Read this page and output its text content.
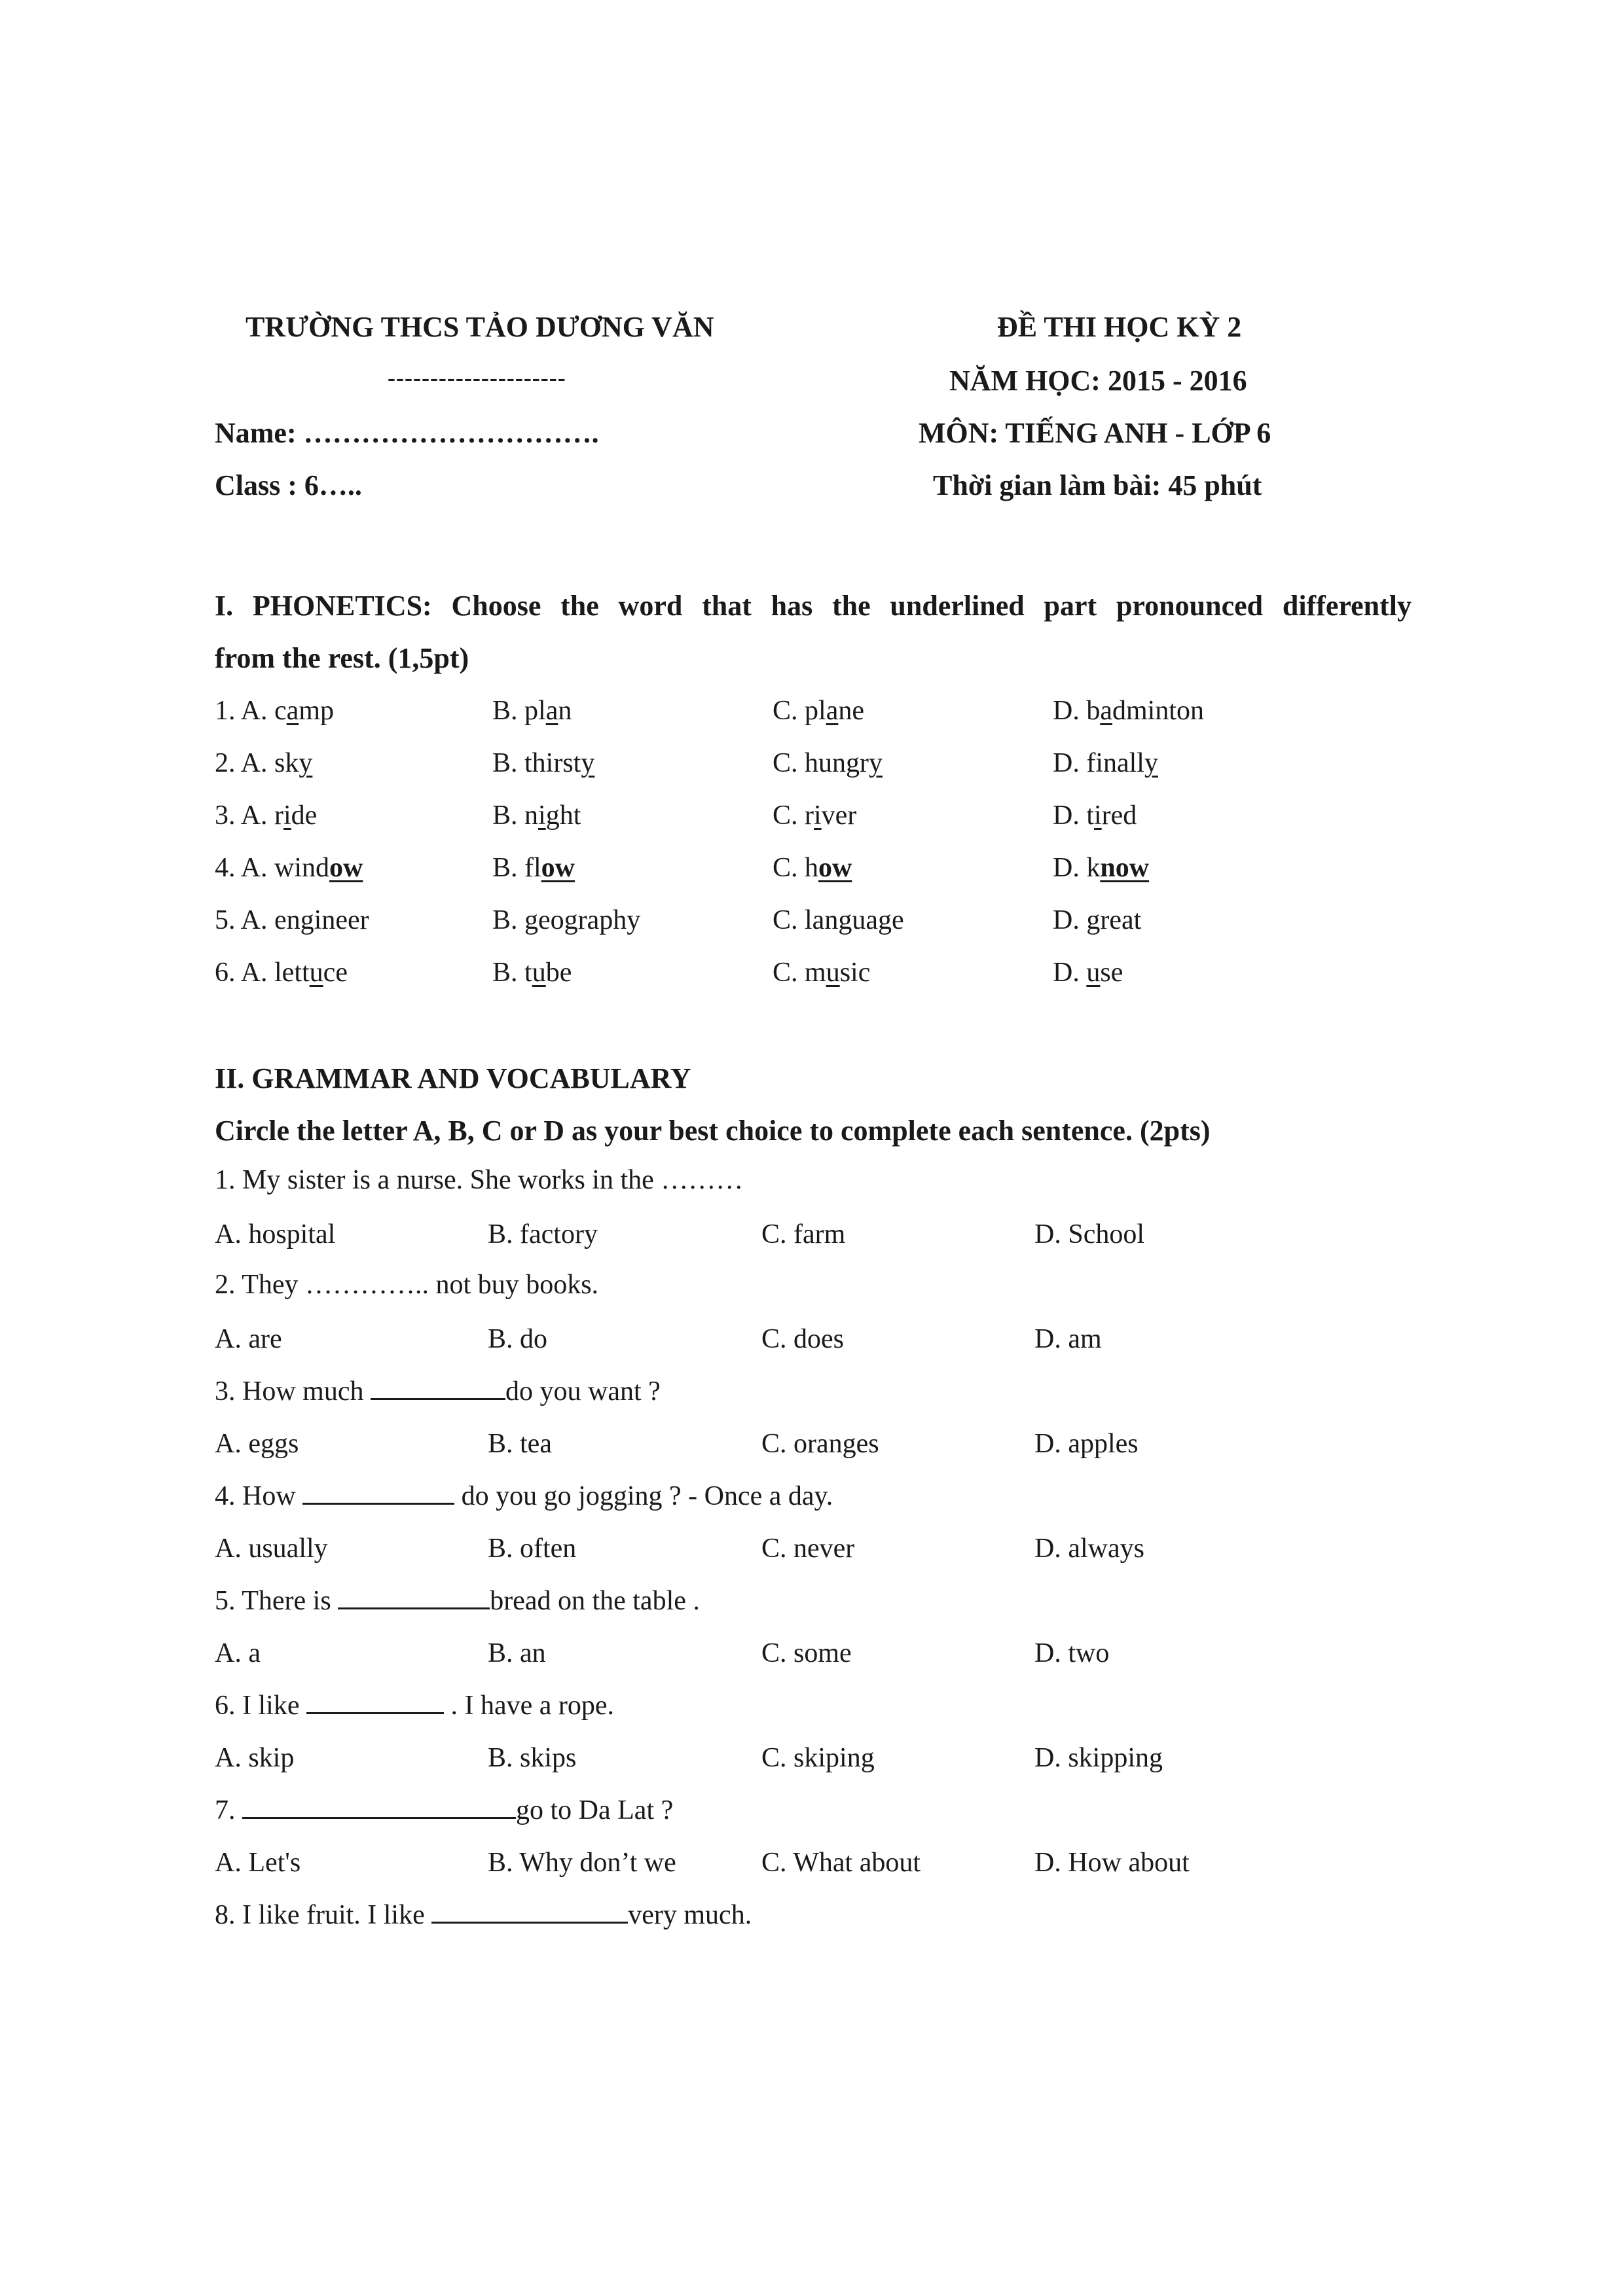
TRƯỜNG THCS TẢO DƯƠNG VĂN
---------------------
Name: ………………………….
Class : 6…..
ĐỀ THI HỌC KỲ 2
NĂM HỌC: 2015 - 2016
MÔN: TIẾNG ANH - LỚP 6
Thời gian làm bài: 45 phút
I. PHONETICS: Choose the word that has the underlined part pronounced differently
from the rest. (1,5pt)
1. A. camp	B. plan	C. plane	D. badminton
2. A. sky	B. thirsty	C. hungry	D. finally
3. A. ride	B. night	C. river	D. tired
4. A. window	B. flow	C. how	D. know
5. A. engineer	B. geography	C. language	D. great
6. A. lettuce	B. tube	C. music	D. use
II. GRAMMAR AND VOCABULARY
Circle the letter A, B, C or D as your best choice to complete each sentence. (2pts)
1. My sister is a nurse. She works in the ………
A. hospital	B. factory	C. farm	D. School
2. They ………….. not buy books.
A. are	B. do	C. does	D. am
3. How much	do you want ?
A. eggs	B. tea	C. oranges	D. apples
4. How	do you go jogging ? - Once a day.
A. usually	B. often	C. never	D. always
5. There is	bread on the table .
A. a	B. an	C. some	D. two
6. I like	. I have a rope.
A. skip	B. skips	C. skiping	D. skipping
7.	go to Da Lat ?
A. Let's	B. Why don’t we	C. What about	D. How about
8. I like fruit. I like	very much.
